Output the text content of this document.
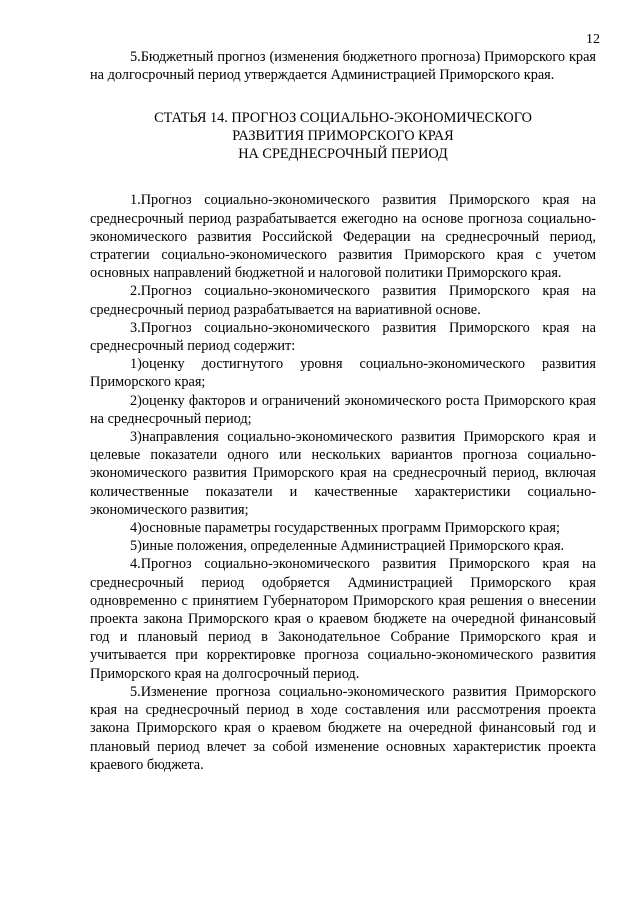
12

5.Бюджетный прогноз (изменения бюджетного прогноза) Приморского края на долгосрочный период утверждается Администрацией Приморского края.

СТАТЬЯ 14. ПРОГНОЗ СОЦИАЛЬНО-ЭКОНОМИЧЕСКОГО

РАЗВИТИЯ ПРИМОРСКОГО КРАЯ

НА СРЕДНЕСРОЧНЫЙ ПЕРИОД

1.Прогноз социально-экономического развития Приморского края на среднесрочный период разрабатывается ежегодно на основе прогноза социально-экономического развития Российской Федерации на среднесрочный период, стратегии социально-экономического развития Приморского края с учетом основных направлений бюджетной и налоговой политики Приморского края.

2.Прогноз социально-экономического развития Приморского края на среднесрочный период разрабатывается на вариативной основе.

3.Прогноз социально-экономического развития Приморского края на среднесрочный период содержит:

1)оценку достигнутого уровня социально-экономического развития Приморского края;

2)оценку факторов и ограничений экономического роста Приморского края на среднесрочный период;

3)направления социально-экономического развития Приморского края и целевые показатели одного или нескольких вариантов прогноза социально-экономического развития Приморского края на среднесрочный период, включая количественные показатели и качественные характеристики социально-экономического развития;

4)основные параметры государственных программ Приморского края;

5)иные положения, определенные Администрацией Приморского края.

4.Прогноз социально-экономического развития Приморского края на среднесрочный период одобряется Администрацией Приморского края одновременно с принятием Губернатором Приморского края решения о внесении проекта закона Приморского края о краевом бюджете на очередной финансовый год и плановый период в Законодательное Собрание Приморского края и учитывается при корректировке прогноза социально-экономического развития Приморского края на долгосрочный период.

5.Изменение прогноза социально-экономического развития Приморского края на среднесрочный период в ходе составления или рассмотрения проекта закона Приморского края о краевом бюджете на очередной финансовый год и плановый период влечет за собой изменение основных характеристик проекта краевого бюджета.
